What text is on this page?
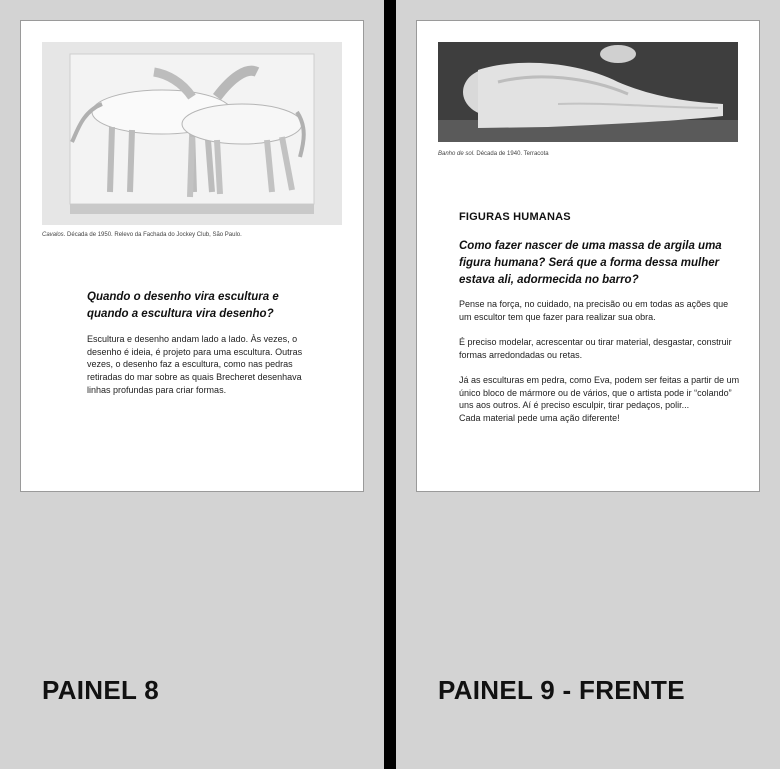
Cavalos. Década de 1950. Relevo da Fachada do Jockey Club, São Paulo.

Quando o desenho vira escultura e

quando a escultura vira desenho?

Escultura e desenho andam lado a lado. Às vezes, o

desenho é ideia, é projeto para uma escultura. Outras

vezes, o desenho faz a escultura, como nas pedras

retiradas do mar sobre as quais Brecheret desenhava

linhas profundas para criar formas.

Banho de sol. Década de 1940. Terracota
FIGURAS HUMANAS

Como fazer nascer de uma massa de argila uma

figura humana? Será que a forma dessa mulher

estava ali, adormecida no barro?

Pense na força, no cuidado, na precisão ou em todas as ações que

um escultor tem que fazer para realizar sua obra.

É preciso modelar, acrescentar ou tirar material, desgastar, construir

formas arredondadas ou retas.

Já as esculturas em pedra, como Eva, podem ser feitas a partir de um

único bloco de mármore ou de vários, que o artista pode ir “colando”

uns aos outros. Aí é preciso esculpir, tirar pedaços, polir...

Cada material pede uma ação diferente!

PAINEL 8	PAINEL 9 - FRENTE
